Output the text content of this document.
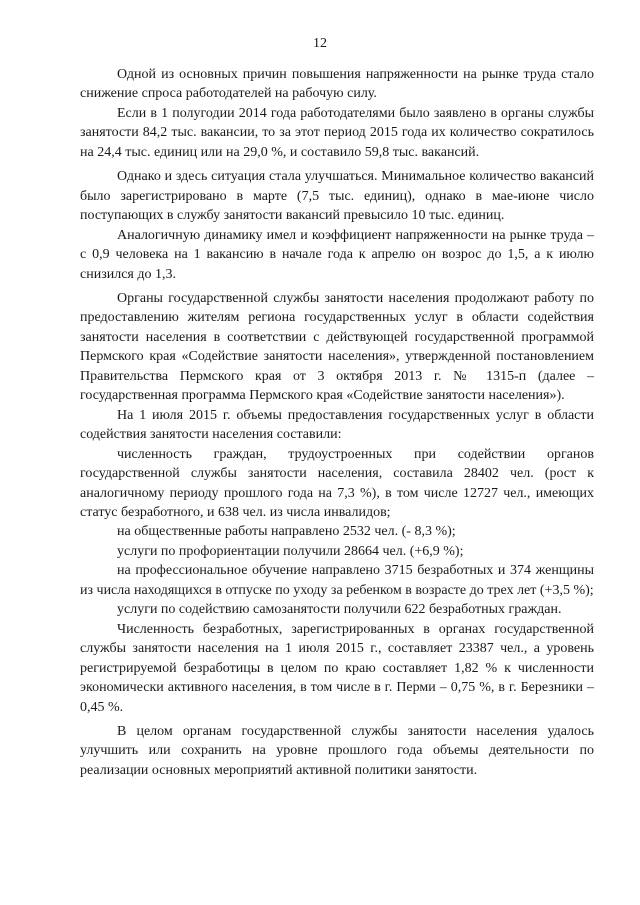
12

Одной из основных причин повышения напряженности на рынке труда стало снижение спроса работодателей на рабочую силу.

Если в 1 полугодии 2014 года работодателями было заявлено в органы службы занятости 84,2 тыс. вакансии, то за этот период 2015 года их количество сократилось на 24,4 тыс. единиц или на 29,0 %, и составило 59,8 тыс. вакансий.

Однако и здесь ситуация стала улучшаться. Минимальное количество вакансий было зарегистрировано в марте (7,5 тыс. единиц), однако в мае-июне число поступающих в службу занятости вакансий превысило 10 тыс. единиц.

Аналогичную динамику имел и коэффициент напряженности на рынке труда – с 0,9 человека на 1 вакансию в начале года к апрелю он возрос до 1,5, а к июлю снизился до 1,3.

Органы государственной службы занятости населения продолжают работу по предоставлению жителям региона государственных услуг в области содействия занятости населения в соответствии с действующей государственной программой Пермского края «Содействие занятости населения», утвержденной постановлением Правительства Пермского края от 3 октября 2013 г. № 1315-п (далее – государственная программа Пермского края «Содействие занятости населения»).

На 1 июля 2015 г. объемы предоставления государственных услуг в области содействия занятости населения составили:

численность граждан, трудоустроенных при содействии органов государственной службы занятости населения, составила 28402 чел. (рост к аналогичному периоду прошлого года на 7,3 %), в том числе 12727 чел., имеющих статус безработного, и 638 чел. из числа инвалидов;

на общественные работы направлено 2532 чел. (- 8,3 %);

услуги по профориентации получили 28664 чел. (+6,9 %);

на профессиональное обучение направлено 3715 безработных и 374 женщины из числа находящихся в отпуске по уходу за ребенком в возрасте до трех лет (+3,5 %);

услуги по содействию самозанятости получили 622 безработных граждан.

Численность безработных, зарегистрированных в органах государственной службы занятости населения на 1 июля 2015 г., составляет 23387 чел., а уровень регистрируемой безработицы в целом по краю составляет 1,82 % к численности экономически активного населения, в том числе в г. Перми – 0,75 %, в г. Березники – 0,45 %.

В целом органам государственной службы занятости населения удалось улучшить или сохранить на уровне прошлого года объемы деятельности по реализации основных мероприятий активной политики занятости.
